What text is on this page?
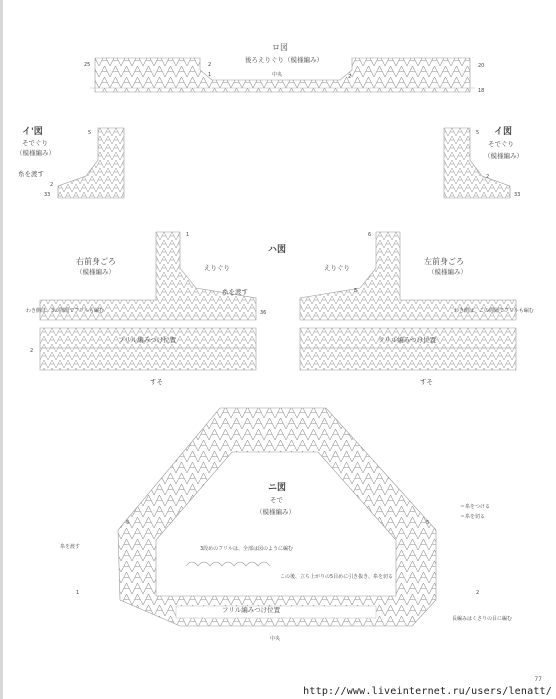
ロ図
後ろえりぐり（模様編み）
中央
25	20
18
2
1	2
イ'図
そでぐり
（模様編み）
糸を渡す
5
2
33
イ図
そでぐり
（模様編み）
5
2
33
ハ図
右前身ごろ
（模様編み）
左前身ごろ
（模様編み）
えりぐり	えりぐり
糸を渡す
わき側は、3の間隔でフリルも編む	わき側は、この間隔でフリルも編む
フリル編みつけ位置	フリル編みつけ位置
すそ	すそ
1
36
2
6
5
ニ図
そで
（模様編み）
3段めのフリルは、全部は図のように編む
この後、立ち上がりの5目めに引き抜き、糸を切る
糸を渡す
フリル編みつけ位置
中央
長編みはくさりの目に編む
＝糸をつける
＝糸を切る
5	5
1	2
77
http://www.liveinternet.ru/users/lenatt/
